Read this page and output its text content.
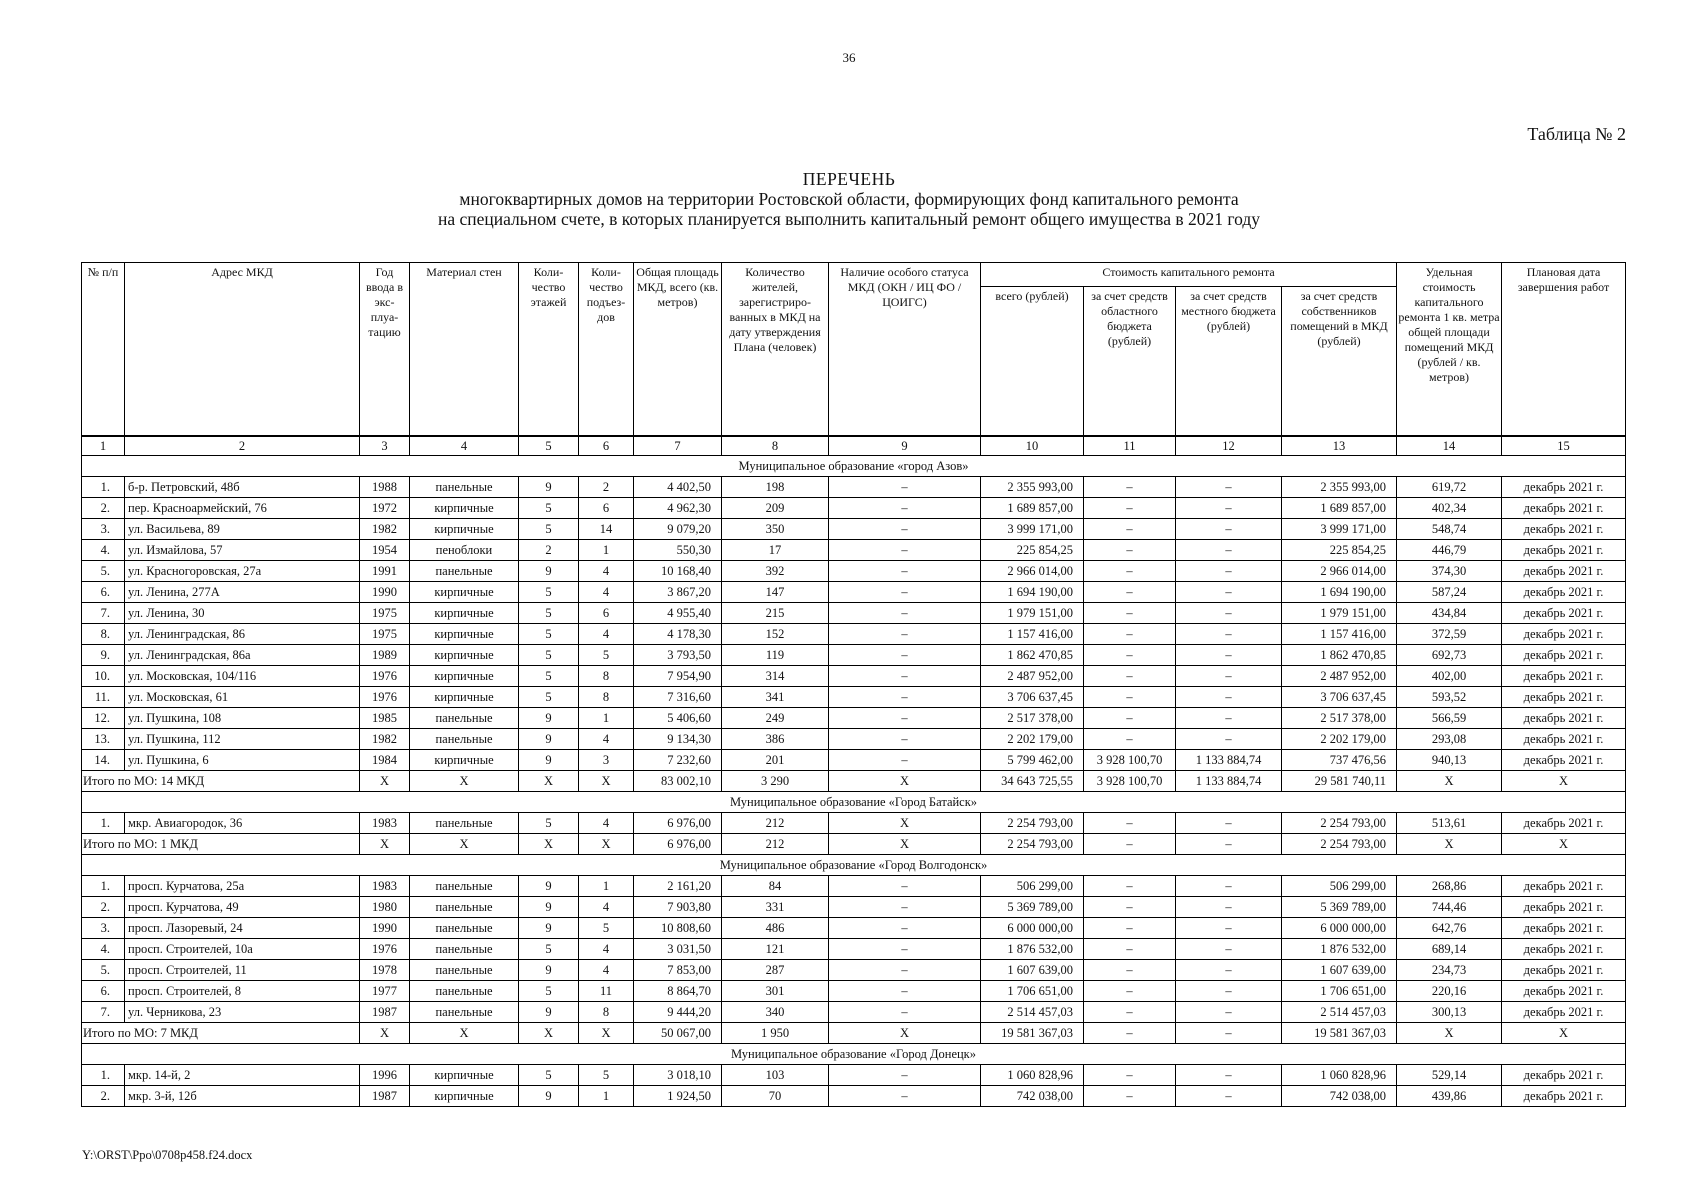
36
Таблица № 2
ПЕРЕЧЕНЬ
многоквартирных домов на территории Ростовской области, формирующих фонд капитального ремонта
на специальном счете, в которых планируется выполнить капитальный ремонт общего имущества в 2021 году
№ п/п	Адрес МКД	Год ввода в экс-плуа-тацию	Материал стен	Коли-чество этажей	Коли-чество подъез-дов	Общая площадь МКД, всего (кв. метров)	Количество жителей, зарегистриро-ванных в МКД на дату утверждения Плана (человек)	Наличие особого статуса МКД (ОКН / ИЦ ФО / ЦОИГС)	Стоимость капитального ремонта				Удельная стоимость капитального ремонта 1 кв. метра общей площади помещений МКД (рублей / кв. метров)	Плановая дата завершения работ
									всего (рублей)	за счет средств областного бюджета (рублей)	за счет средств местного бюджета (рублей)	за счет средств собственников помещений в МКД (рублей)		
1	2	3	4	5	6	7	8	9	10	11	12	13	14	15
Муниципальное образование «город Азов»														
1.	б-р. Петровский, 48б	1988	панельные	9	2	4 402,50	198	–	2 355 993,00	–	–	2 355 993,00	619,72	декабрь 2021 г.
2.	пер. Красноармейский, 76	1972	кирпичные	5	6	4 962,30	209	–	1 689 857,00	–	–	1 689 857,00	402,34	декабрь 2021 г.
3.	ул. Васильева, 89	1982	кирпичные	5	14	9 079,20	350	–	3 999 171,00	–	–	3 999 171,00	548,74	декабрь 2021 г.
4.	ул. Измайлова, 57	1954	пеноблоки	2	1	550,30	17	–	225 854,25	–	–	225 854,25	446,79	декабрь 2021 г.
5.	ул. Красногоровская, 27а	1991	панельные	9	4	10 168,40	392	–	2 966 014,00	–	–	2 966 014,00	374,30	декабрь 2021 г.
6.	ул. Ленина, 277А	1990	кирпичные	5	4	3 867,20	147	–	1 694 190,00	–	–	1 694 190,00	587,24	декабрь 2021 г.
7.	ул. Ленина, 30	1975	кирпичные	5	6	4 955,40	215	–	1 979 151,00	–	–	1 979 151,00	434,84	декабрь 2021 г.
8.	ул. Ленинградская, 86	1975	кирпичные	5	4	4 178,30	152	–	1 157 416,00	–	–	1 157 416,00	372,59	декабрь 2021 г.
9.	ул. Ленинградская, 86а	1989	кирпичные	5	5	3 793,50	119	–	1 862 470,85	–	–	1 862 470,85	692,73	декабрь 2021 г.
10.	ул. Московская, 104/116	1976	кирпичные	5	8	7 954,90	314	–	2 487 952,00	–	–	2 487 952,00	402,00	декабрь 2021 г.
11.	ул. Московская, 61	1976	кирпичные	5	8	7 316,60	341	–	3 706 637,45	–	–	3 706 637,45	593,52	декабрь 2021 г.
12.	ул. Пушкина, 108	1985	панельные	9	1	5 406,60	249	–	2 517 378,00	–	–	2 517 378,00	566,59	декабрь 2021 г.
13.	ул. Пушкина, 112	1982	панельные	9	4	9 134,30	386	–	2 202 179,00	–	–	2 202 179,00	293,08	декабрь 2021 г.
14.	ул. Пушкина, 6	1984	кирпичные	9	3	7 232,60	201	–	5 799 462,00	3 928 100,70	1 133 884,74	737 476,56	940,13	декабрь 2021 г.
Итого по МО: 14 МКД		X	X	X	X	83 002,10	3 290	X	34 643 725,55	3 928 100,70	1 133 884,74	29 581 740,11	X	X
Муниципальное образование «Город Батайск»														
1.	мкр. Авиагородок, 36	1983	панельные	5	4	6 976,00	212	X	2 254 793,00	–	–	2 254 793,00	513,61	декабрь 2021 г.
Итого по МО: 1 МКД		X	X	X	X	6 976,00	212	X	2 254 793,00	–	–	2 254 793,00	X	X
Муниципальное образование «Город Волгодонск»														
1.	просп. Курчатова, 25а	1983	панельные	9	1	2 161,20	84	–	506 299,00	–	–	506 299,00	268,86	декабрь 2021 г.
2.	просп. Курчатова, 49	1980	панельные	9	4	7 903,80	331	–	5 369 789,00	–	–	5 369 789,00	744,46	декабрь 2021 г.
3.	просп. Лазоревый, 24	1990	панельные	9	5	10 808,60	486	–	6 000 000,00	–	–	6 000 000,00	642,76	декабрь 2021 г.
4.	просп. Строителей, 10а	1976	панельные	5	4	3 031,50	121	–	1 876 532,00	–	–	1 876 532,00	689,14	декабрь 2021 г.
5.	просп. Строителей, 11	1978	панельные	9	4	7 853,00	287	–	1 607 639,00	–	–	1 607 639,00	234,73	декабрь 2021 г.
6.	просп. Строителей, 8	1977	панельные	5	11	8 864,70	301	–	1 706 651,00	–	–	1 706 651,00	220,16	декабрь 2021 г.
7.	ул. Черникова, 23	1987	панельные	9	8	9 444,20	340	–	2 514 457,03	–	–	2 514 457,03	300,13	декабрь 2021 г.
Итого по МО: 7 МКД		X	X	X	X	50 067,00	1 950	X	19 581 367,03	–	–	19 581 367,03	X	X
Муниципальное образование «Город Донецк»														
1.	мкр. 14-й, 2	1996	кирпичные	5	5	3 018,10	103	–	1 060 828,96	–	–	1 060 828,96	529,14	декабрь 2021 г.
2.	мкр. 3-й, 12б	1987	кирпичные	9	1	1 924,50	70	–	742 038,00	–	–	742 038,00	439,86	декабрь 2021 г.
Y:\ORST\Ppo\0708p458.f24.docx
